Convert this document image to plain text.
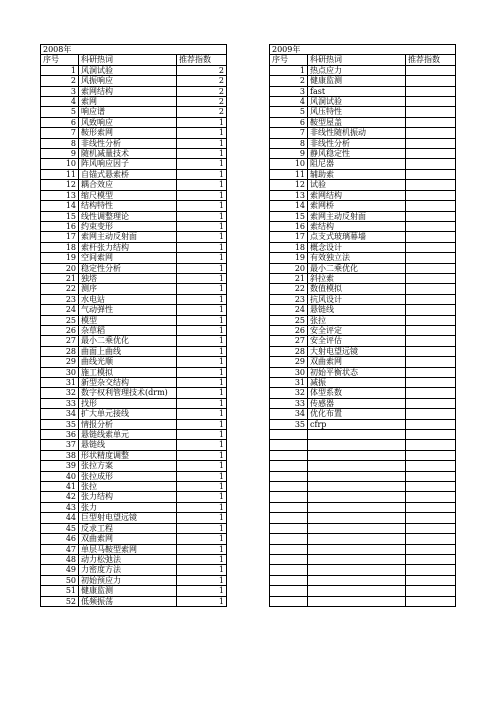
2008年				2009年		
序号	科研热词	推荐指数		序号	科研热词	推荐指数
1	风洞试验	2		1	热点应力	
2	风振响应	2		2	健康监测	
3	索网结构	2		3	fast	
4	索网	2		4	风洞试验	
5	响应谱	2		5	风压特性	
6	风致响应	1		6	鞍型屋盖	
7	鞍形索网	1		7	非线性随机振动	
8	非线性分析	1		8	非线性分析	
9	随机减量技术	1		9	静风稳定性	
10	阵风响应因子	1		10	阻尼器	
11	自锚式悬索桥	1		11	辅助索	
12	耦合效应	1		12	试验	
13	缩尺模型	1		13	索网结构	
14	结构特性	1		14	索网桥	
15	线性调整理论	1		15	索网主动反射面	
16	约束变形	1		16	索结构	
17	索网主动反射面	1		17	点支式玻璃幕墙	
18	索杆张力结构	1		18	概念设计	
19	空间索网	1		19	有效独立法	
20	稳定性分析	1		20	最小二乘优化	
21	独塔	1		21	斜拉索	
22	测序	1		22	数值模拟	
23	水电站	1		23	抗风设计	
24	气动弹性	1		24	悬链线	
25	模型	1		25	张拉	
26	杂草稻	1		26	安全评定	
27	最小二乘优化	1		27	安全评估	
28	曲面上曲线	1		28	大射电望远镜	
29	曲线光顺	1		29	双曲索网	
30	施工模拟	1		30	初始平衡状态	
31	新型杂交结构	1		31	减振	
32	数字权利管理技术(drm)	1		32	体型系数	
33	找形	1		33	传感器	
34	扩大单元接线	1		34	优化布置	
35	情报分析	1		35	cfrp	
36	悬链线索单元	1				
37	悬链线	1				
38	形状精度调整	1				
39	张拉方案	1				
40	张拉成形	1				
41	张拉	1				
42	张力结构	1				
43	张力	1				
44	巨型射电望远镜	1				
45	反求工程	1				
46	双曲索网	1				
47	单层马鞍型索网	1				
48	动力松弛法	1				
49	力密度方法	1				
50	初始预应力	1				
51	健康监测	1				
52	低频振荡	1				
